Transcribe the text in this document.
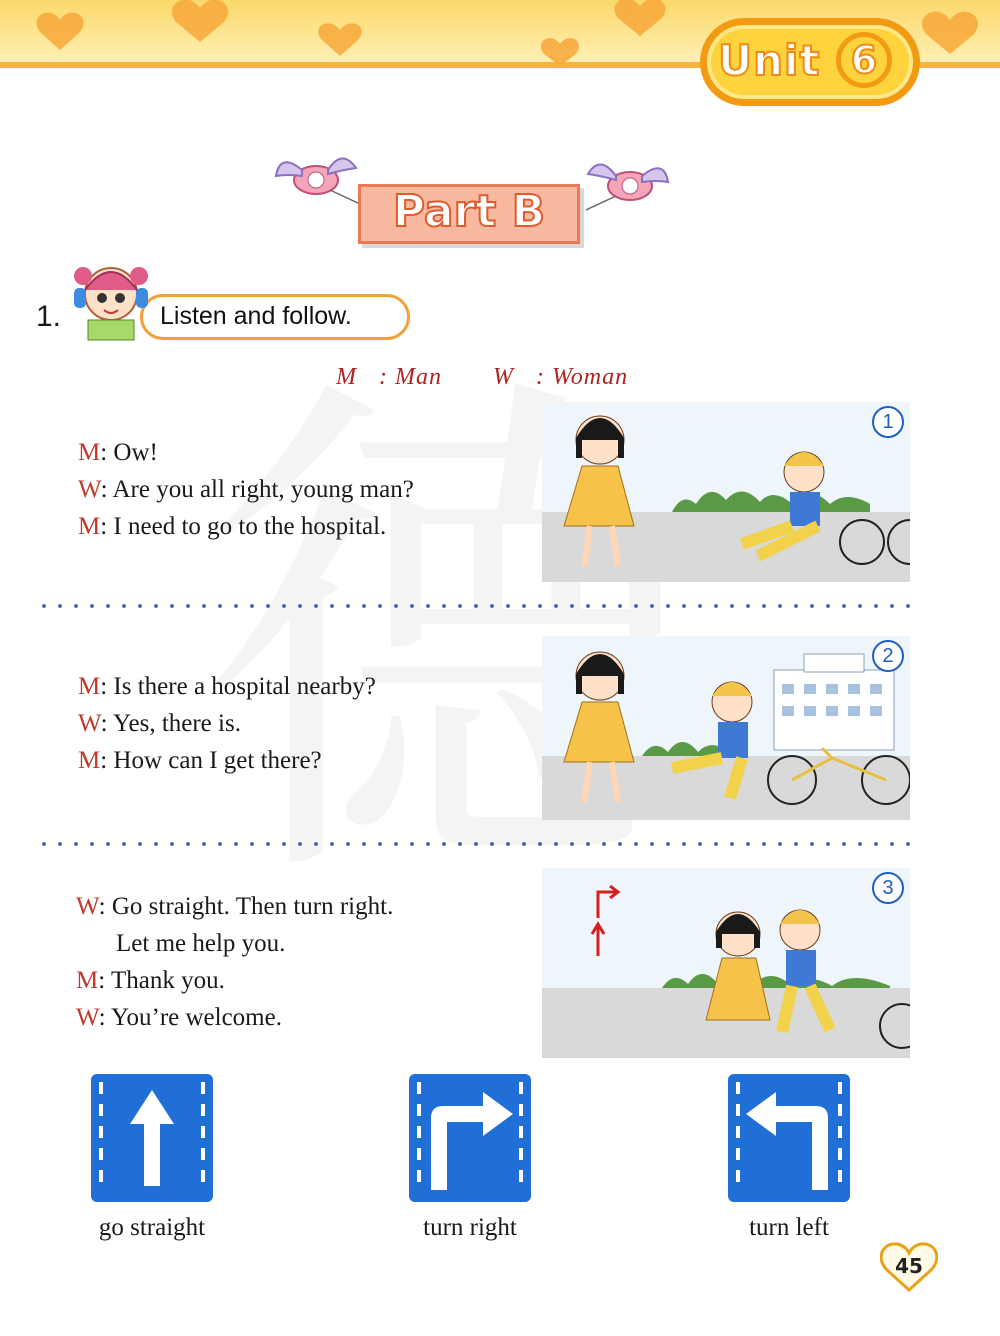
Unit 6
Part B
1.	Listen and follow.
M : Man W : Woman
M: Ow!
W: Are you all right, young man?
M: I need to go to the hospital.
1
M: Is there a hospital nearby?
W: Yes, there is.
M: How can I get there?
2
W: Go straight. Then turn right.
Let me help you.
M: Thank you.
W: You’re welcome.
3
go straight	turn right	turn left
45
